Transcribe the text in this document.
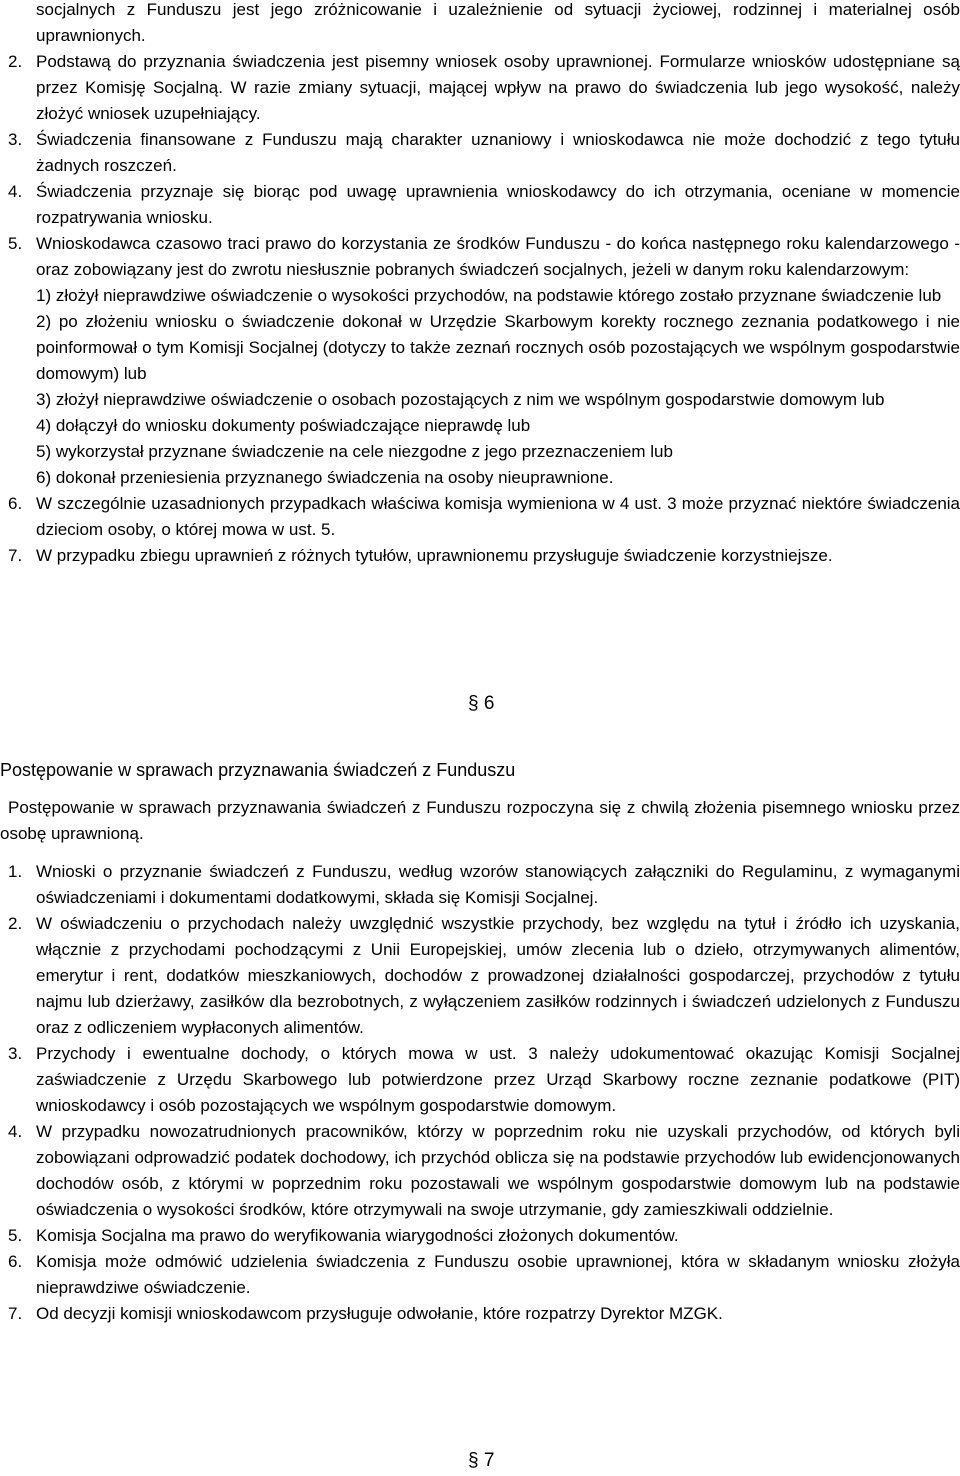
socjalnych z Funduszu jest jego zróżnicowanie i uzależnienie od sytuacji życiowej, rodzinnej i materialnej osób uprawnionych.
2. Podstawą do przyznania świadczenia jest pisemny wniosek osoby uprawnionej. Formularze wniosków udostępniane są przez Komisję Socjalną. W razie zmiany sytuacji, mającej wpływ na prawo do świadczenia lub jego wysokość, należy złożyć wniosek uzupełniający.
3. Świadczenia finansowane z Funduszu mają charakter uznaniowy i wnioskodawca nie może dochodzić z tego tytułu żadnych roszczeń.
4. Świadczenia przyznaje się biorąc pod uwagę uprawnienia wnioskodawcy do ich otrzymania, oceniane w momencie rozpatrywania wniosku.
5. Wnioskodawca czasowo traci prawo do korzystania ze środków Funduszu - do końca następnego roku kalendarzowego - oraz zobowiązany jest do zwrotu niesłusznie pobranych świadczeń socjalnych, jeżeli w danym roku kalendarzowym:

1) złożył nieprawdziwe oświadczenie o wysokości przychodów, na podstawie którego zostało przyznane świadczenie lub

2) po złożeniu wniosku o świadczenie dokonał w Urzędzie Skarbowym korekty rocznego zeznania podatkowego i nie poinformował o tym Komisji Socjalnej (dotyczy to także zeznań rocznych osób pozostających we wspólnym gospodarstwie domowym) lub

3) złożył nieprawdziwe oświadczenie o osobach pozostających z nim we wspólnym gospodarstwie domowym lub

4) dołączył do wniosku dokumenty poświadczające nieprawdę lub

5) wykorzystał przyznane świadczenie na cele niezgodne z jego przeznaczeniem lub

6) dokonał przeniesienia przyznanego świadczenia na osoby nieuprawnione.

6. W szczególnie uzasadnionych przypadkach właściwa komisja wymieniona w 4 ust. 3 może przyznać niektóre świadczenia dzieciom osoby, o której mowa w ust. 5.
7. W przypadku zbiegu uprawnień z różnych tytułów, uprawnionemu przysługuje świadczenie korzystniejsze.
§ 6
Postępowanie w sprawach przyznawania świadczeń z Funduszu
Postępowanie w sprawach przyznawania świadczeń z Funduszu rozpoczyna się z chwilą złożenia pisemnego wniosku przez osobę uprawnioną.
1. Wnioski o przyznanie świadczeń z Funduszu, według wzorów stanowiących załączniki do Regulaminu, z wymaganymi oświadczeniami i dokumentami dodatkowymi, składa się Komisji Socjalnej.
2. W oświadczeniu o przychodach należy uwzględnić wszystkie przychody, bez względu na tytuł i źródło ich uzyskania, włącznie z przychodami pochodzącymi z Unii Europejskiej, umów zlecenia lub o dzieło, otrzymywanych alimentów, emerytur i rent, dodatków mieszkaniowych, dochodów z prowadzonej działalności gospodarczej, przychodów z tytułu najmu lub dzierżawy, zasiłków dla bezrobotnych, z wyłączeniem zasiłków rodzinnych i świadczeń udzielonych z Funduszu oraz z odliczeniem wypłaconych alimentów.
3. Przychody i ewentualne dochody, o których mowa w ust. 3 należy udokumentować okazując Komisji Socjalnej zaświadczenie z Urzędu Skarbowego lub potwierdzone przez Urząd Skarbowy roczne zeznanie podatkowe (PIT) wnioskodawcy i osób pozostających we wspólnym gospodarstwie domowym.
4. W przypadku nowozatrudnionych pracowników, którzy w poprzednim roku nie uzyskali przychodów, od których byli zobowiązani odprowadzić podatek dochodowy, ich przychód oblicza się na podstawie przychodów lub ewidencjonowanych dochodów osób, z którymi w poprzednim roku pozostawali we wspólnym gospodarstwie domowym lub na podstawie oświadczenia o wysokości środków, które otrzymywali na swoje utrzymanie, gdy zamieszkiwali oddzielnie.
5. Komisja Socjalna ma prawo do weryfikowania wiarygodności złożonych dokumentów.
6. Komisja może odmówić udzielenia świadczenia z Funduszu osobie uprawnionej, która w składanym wniosku złożyła nieprawdziwe oświadczenie.
7. Od decyzji komisji wnioskodawcom przysługuje odwołanie, które rozpatrzy Dyrektor MZGK.
§ 7
